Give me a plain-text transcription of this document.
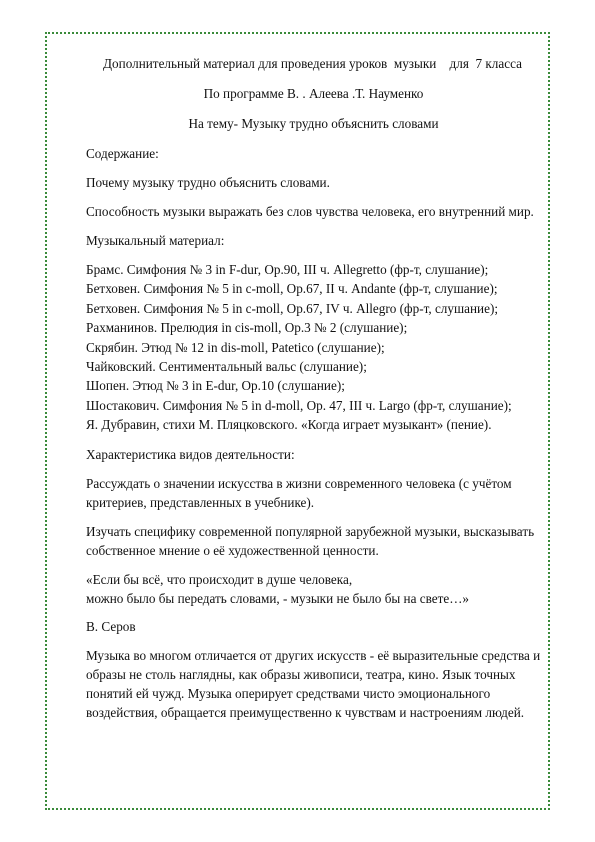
Дополнительный материал для проведения уроков  музыки    для  7 класса

По программе В. . Алеева .Т. Науменко

На тему- Музыку трудно объяснить словами

Содержание:

Почему музыку трудно объяснить словами.

Способность музыки выражать без слов чувства человека, его внутренний мир.

Музыкальный материал:

Брамс. Симфония № 3 in F-dur, Op.90, III ч. Allegretto (фр-т, слушание);

Бетховен. Симфония № 5 in c-moll, Op.67, II ч. Andante (фр-т, слушание);

Бетховен. Симфония № 5 in c-moll, Op.67, IV ч. Allegro (фр-т, слушание);

Рахманинов. Прелюдия in cis-moll, Op.3 № 2 (слушание);

Скрябин. Этюд № 12 in dis-moll, Patetico (слушание);

Чайковский. Сентиментальный вальс (слушание);

Шопен. Этюд № 3 in E-dur, Op.10 (слушание);

Шостакович. Симфония № 5 in d-moll, Op. 47, III ч. Largo (фр-т, слушание);

Я. Дубравин, стихи М. Пляцковского. «Когда играет музыкант» (пение).

Характеристика видов деятельности:

Рассуждать о значении искусства в жизни современного человека (с учётом критериев, представленных в учебнике).

Изучать специфику современной популярной зарубежной музыки, высказывать собственное мнение о её художественной ценности.

«Если бы всё, что происходит в душе человека,
можно было бы передать словами, - музыки не было бы на свете…»

В. Серов

Музыка во многом отличается от других искусств - её выразительные средства и образы не столь наглядны, как образы живописи, театра, кино. Язык точных понятий ей чужд. Музыка оперирует средствами чисто эмоционального воздействия, обращается преимущественно к чувствам и настроениям людей.
